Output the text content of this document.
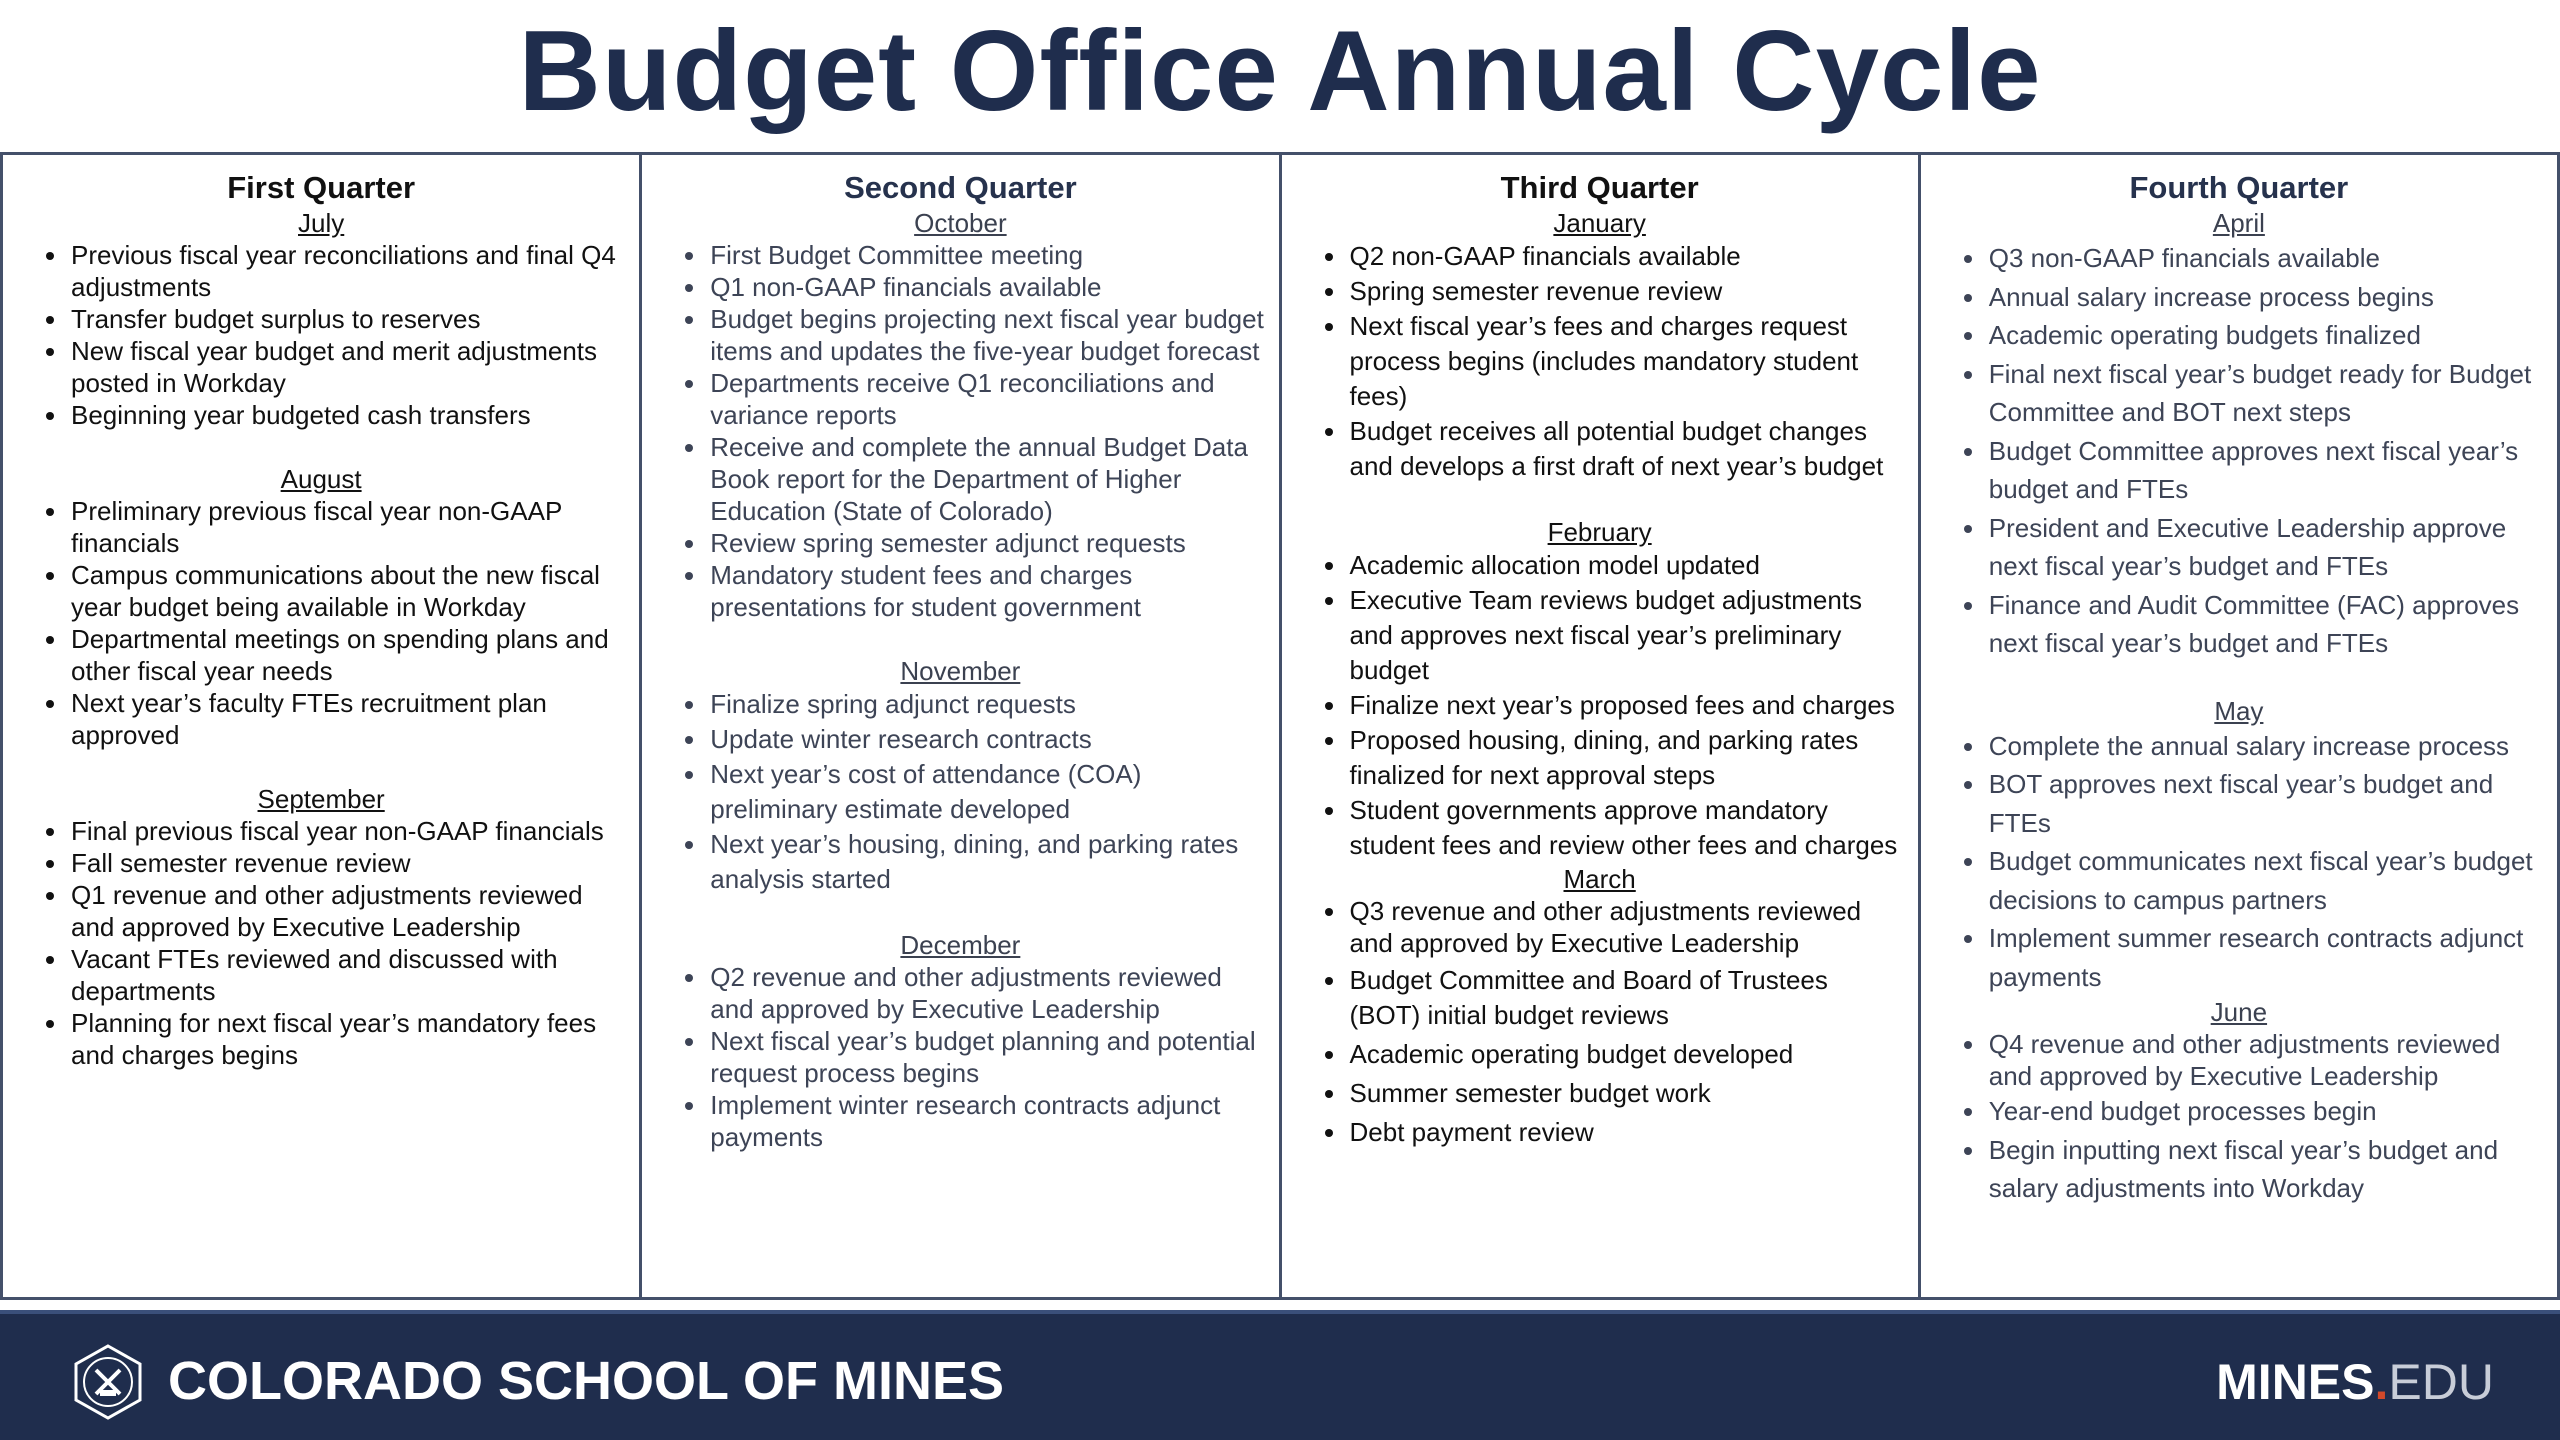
Budget Office Annual Cycle
First Quarter
July
• Previous fiscal year reconciliations and final Q4 adjustments
• Transfer budget surplus to reserves
• New fiscal year budget and merit adjustments posted in Workday
• Beginning year budgeted cash transfers
August
• Preliminary previous fiscal year non-GAAP financials
• Campus communications about the new fiscal year budget being available in Workday
• Departmental meetings on spending plans and other fiscal year needs
• Next year’s faculty FTEs recruitment plan approved
September
• Final previous fiscal year non-GAAP financials
• Fall semester revenue review
• Q1 revenue and other adjustments reviewed and approved by Executive Leadership
• Vacant FTEs reviewed and discussed with departments
• Planning for next fiscal year’s mandatory fees and charges begins
Second Quarter
October
• First Budget Committee meeting
• Q1 non-GAAP financials available
• Budget begins projecting next fiscal year budget items and updates the five-year budget forecast
• Departments receive Q1 reconciliations and variance reports
• Receive and complete the annual Budget Data Book report for the Department of Higher Education (State of Colorado)
• Review spring semester adjunct requests
• Mandatory student fees and charges presentations for student government
November
• Finalize spring adjunct requests
• Update winter research contracts
• Next year’s cost of attendance (COA) preliminary estimate developed
• Next year’s housing, dining, and parking rates analysis started
December
• Q2 revenue and other adjustments reviewed and approved by Executive Leadership
• Next fiscal year’s budget planning and potential request process begins
• Implement winter research contracts adjunct payments
Third Quarter
January
• Q2 non-GAAP financials available
• Spring semester revenue review
• Next fiscal year’s fees and charges request process begins (includes mandatory student fees)
• Budget receives all potential budget changes and develops a first draft of next year’s budget
February
• Academic allocation model updated
• Executive Team reviews budget adjustments and approves next fiscal year’s preliminary budget
• Finalize next year’s proposed fees and charges
• Proposed housing, dining, and parking rates finalized for next approval steps
• Student governments approve mandatory student fees and review other fees and charges
March
• Q3 revenue and other adjustments reviewed and approved by Executive Leadership
• Budget Committee and Board of Trustees (BOT) initial budget reviews
• Academic operating budget developed
• Summer semester budget work
• Debt payment review
Fourth Quarter
April
• Q3 non-GAAP financials available
• Annual salary increase process begins
• Academic operating budgets finalized
• Final next fiscal year’s budget ready for Budget Committee and BOT next steps
• Budget Committee approves next fiscal year’s budget and FTEs
• President and Executive Leadership approve next fiscal year’s budget and FTEs
• Finance and Audit Committee (FAC) approves next fiscal year’s budget and FTEs
May
• Complete the annual salary increase process
• BOT approves next fiscal year’s budget and FTEs
• Budget communicates next fiscal year’s budget decisions to campus partners
• Implement summer research contracts adjunct payments
June
• Q4 revenue and other adjustments reviewed and approved by Executive Leadership
• Year-end budget processes begin
• Begin inputting next fiscal year’s budget and salary adjustments into Workday
COLORADO SCHOOL OF MINES	MINES.EDU
